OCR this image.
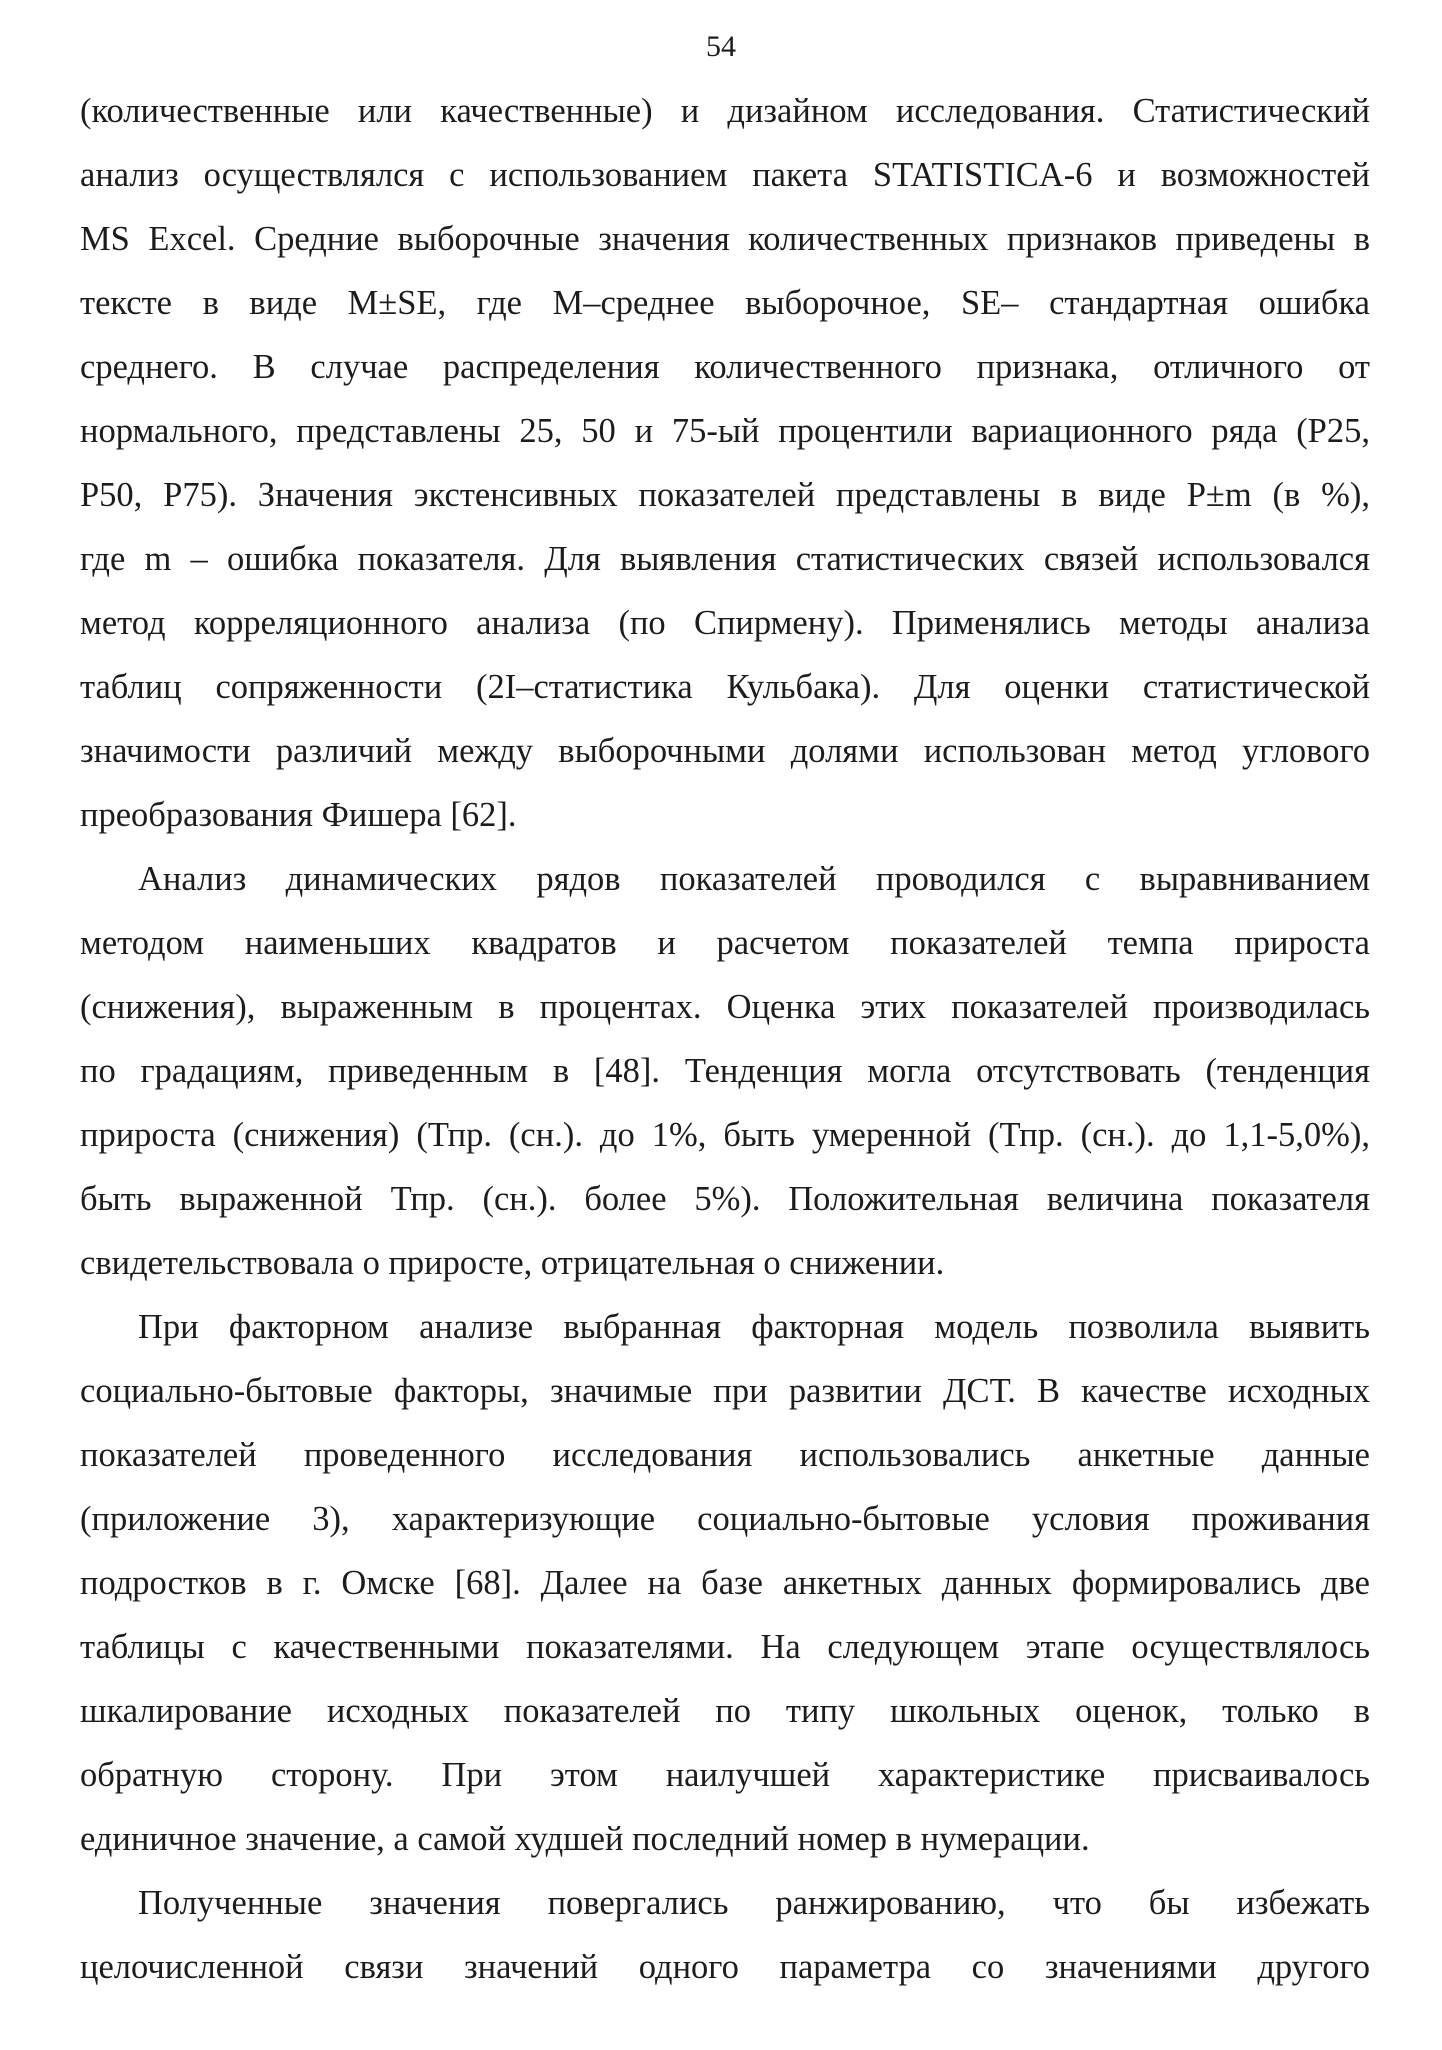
54
(количественные или качественные) и дизайном исследования. Статистический
анализ осуществлялся с использованием пакета STATISTICA-6 и возможностей
MS Excel. Средние выборочные значения количественных признаков приведены в
тексте в виде M±SE, где M–среднее выборочное, SE– стандартная ошибка
среднего. В случае распределения количественного признака, отличного от
нормального, представлены 25, 50 и 75-ый процентили вариационного ряда (P25,
P50, P75). Значения экстенсивных показателей представлены в виде P±m (в %),
где m – ошибка показателя. Для выявления статистических связей использовался
метод корреляционного анализа (по Спирмену). Применялись методы анализа
таблиц сопряженности (2I–статистика Кульбака). Для оценки статистической
значимости различий между выборочными долями использован метод углового
преобразования Фишера [62].
Анализ динамических рядов показателей проводился с выравниванием
методом наименьших квадратов и расчетом показателей темпа прироста
(снижения), выраженным в процентах. Оценка этих показателей производилась
по градациям, приведенным в [48]. Тенденция могла отсутствовать (тенденция
прироста (снижения) (Тпр. (сн.). до 1%, быть умеренной (Тпр. (сн.). до 1,1-5,0%),
быть выраженной Тпр. (сн.). более 5%). Положительная величина показателя
свидетельствовала о приросте, отрицательная о снижении.
При факторном анализе выбранная факторная модель позволила выявить
социально-бытовые факторы, значимые при развитии ДСТ. В качестве исходных
показателей проведенного исследования использовались анкетные данные
(приложение 3), характеризующие социально-бытовые условия проживания
подростков в г. Омске [68]. Далее на базе анкетных данных формировались две
таблицы с качественными показателями. На следующем этапе осуществлялось
шкалирование исходных показателей по типу школьных оценок, только в
обратную сторону. При этом наилучшей характеристике присваивалось
единичное значение, а самой худшей последний номер в нумерации.
Полученные значения повергались ранжированию, что бы избежать
целочисленной связи значений одного параметра со значениями другого
